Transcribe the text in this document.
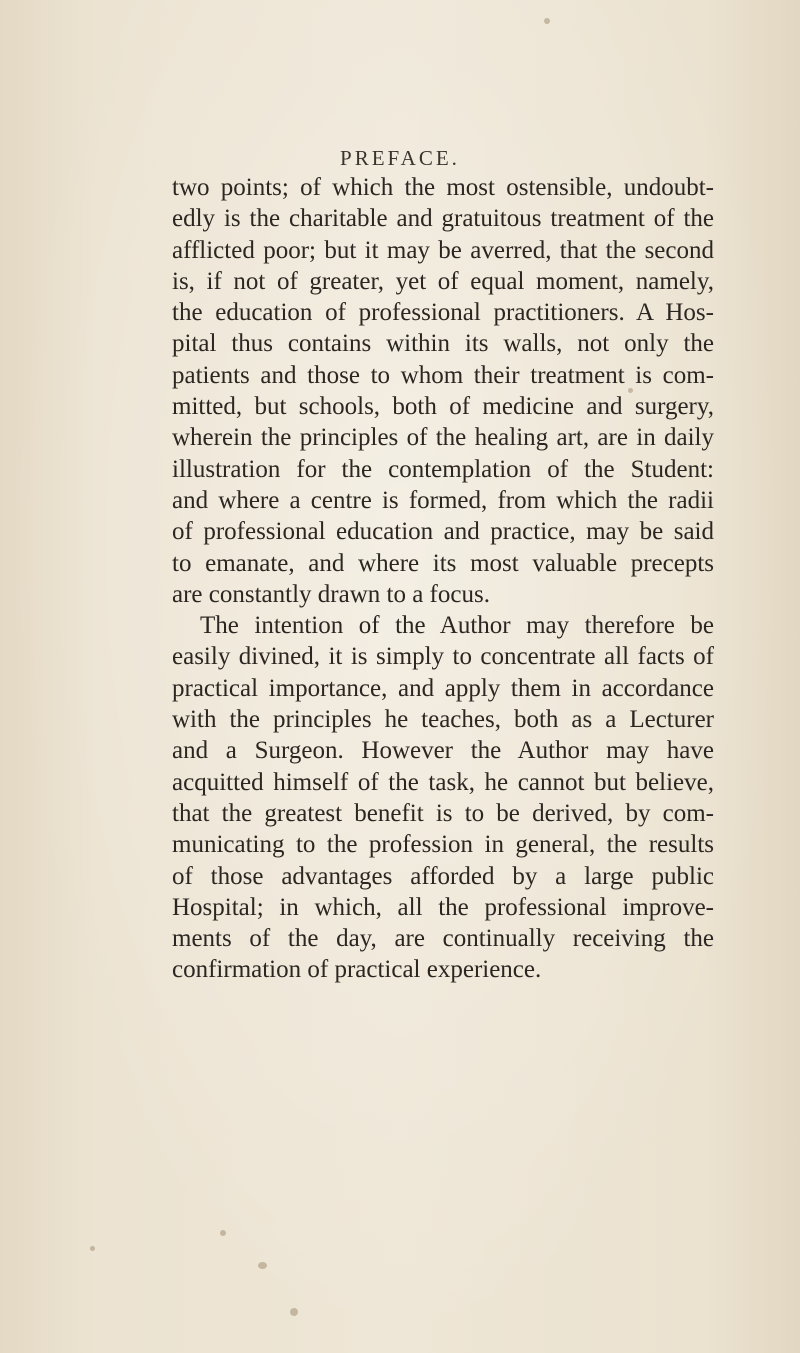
PREFACE.
two points; of which the most ostensible, undoubt-
edly is the charitable and gratuitous treatment of the
afflicted poor; but it may be averred, that the second
is, if not of greater, yet of equal moment, namely,
the education of professional practitioners. A Hos-
pital thus contains within its walls, not only the
patients and those to whom their treatment is com-
mitted, but schools, both of medicine and surgery,
wherein the principles of the healing art, are in daily
illustration for the contemplation of the Student:
and where a centre is formed, from which the radii
of professional education and practice, may be said
to emanate, and where its most valuable precepts
are constantly drawn to a focus.
The intention of the Author may therefore be
easily divined, it is simply to concentrate all facts of
practical importance, and apply them in accordance
with the principles he teaches, both as a Lecturer
and a Surgeon. However the Author may have
acquitted himself of the task, he cannot but believe,
that the greatest benefit is to be derived, by com-
municating to the profession in general, the results
of those advantages afforded by a large public
Hospital; in which, all the professional improve-
ments of the day, are continually receiving the
confirmation of practical experience.
